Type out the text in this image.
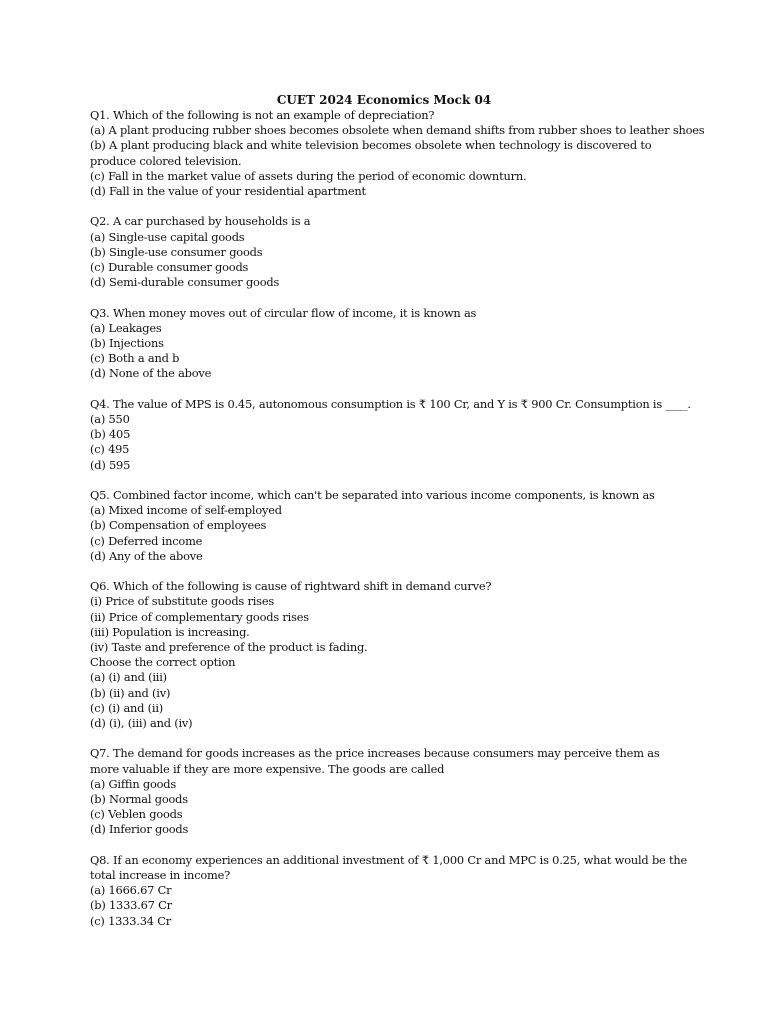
CUET 2024 Economics Mock 04
Q1. Which of the following is not an example of depreciation?
(a) A plant producing rubber shoes becomes obsolete when demand shifts from rubber shoes to leather shoes
(b) A plant producing black and white television becomes obsolete when technology is discovered to produce colored television.
(c) Fall in the market value of assets during the period of economic downturn.
(d) Fall in the value of your residential apartment
Q2. A car purchased by households is a
(a) Single-use capital goods
(b) Single-use consumer goods
(c) Durable consumer goods
(d) Semi-durable consumer goods
Q3. When money moves out of circular flow of income, it is known as
(a) Leakages
(b) Injections
(c) Both a and b
(d) None of the above
Q4. The value of MPS is 0.45, autonomous consumption is ₹ 100 Cr, and Y is ₹ 900 Cr. Consumption is ____.
(a) 550
(b) 405
(c) 495
(d) 595
Q5. Combined factor income, which can't be separated into various income components, is known as
(a) Mixed income of self-employed
(b) Compensation of employees
(c) Deferred income
(d) Any of the above
Q6. Which of the following is cause of rightward shift in demand curve?
(i) Price of substitute goods rises
(ii) Price of complementary goods rises
(iii) Population is increasing.
(iv) Taste and preference of the product is fading.
Choose the correct option
(a) (i) and (iii)
(b) (ii) and (iv)
(c) (i) and (ii)
(d) (i), (iii) and (iv)
Q7. The demand for goods increases as the price increases because consumers may perceive them as more valuable if they are more expensive. The goods are called
(a) Giffin goods
(b) Normal goods
(c) Veblen goods
(d) Inferior goods
Q8. If an economy experiences an additional investment of ₹ 1,000 Cr and MPC is 0.25, what would be the total increase in income?
(a) 1666.67 Cr
(b) 1333.67 Cr
(c) 1333.34 Cr
